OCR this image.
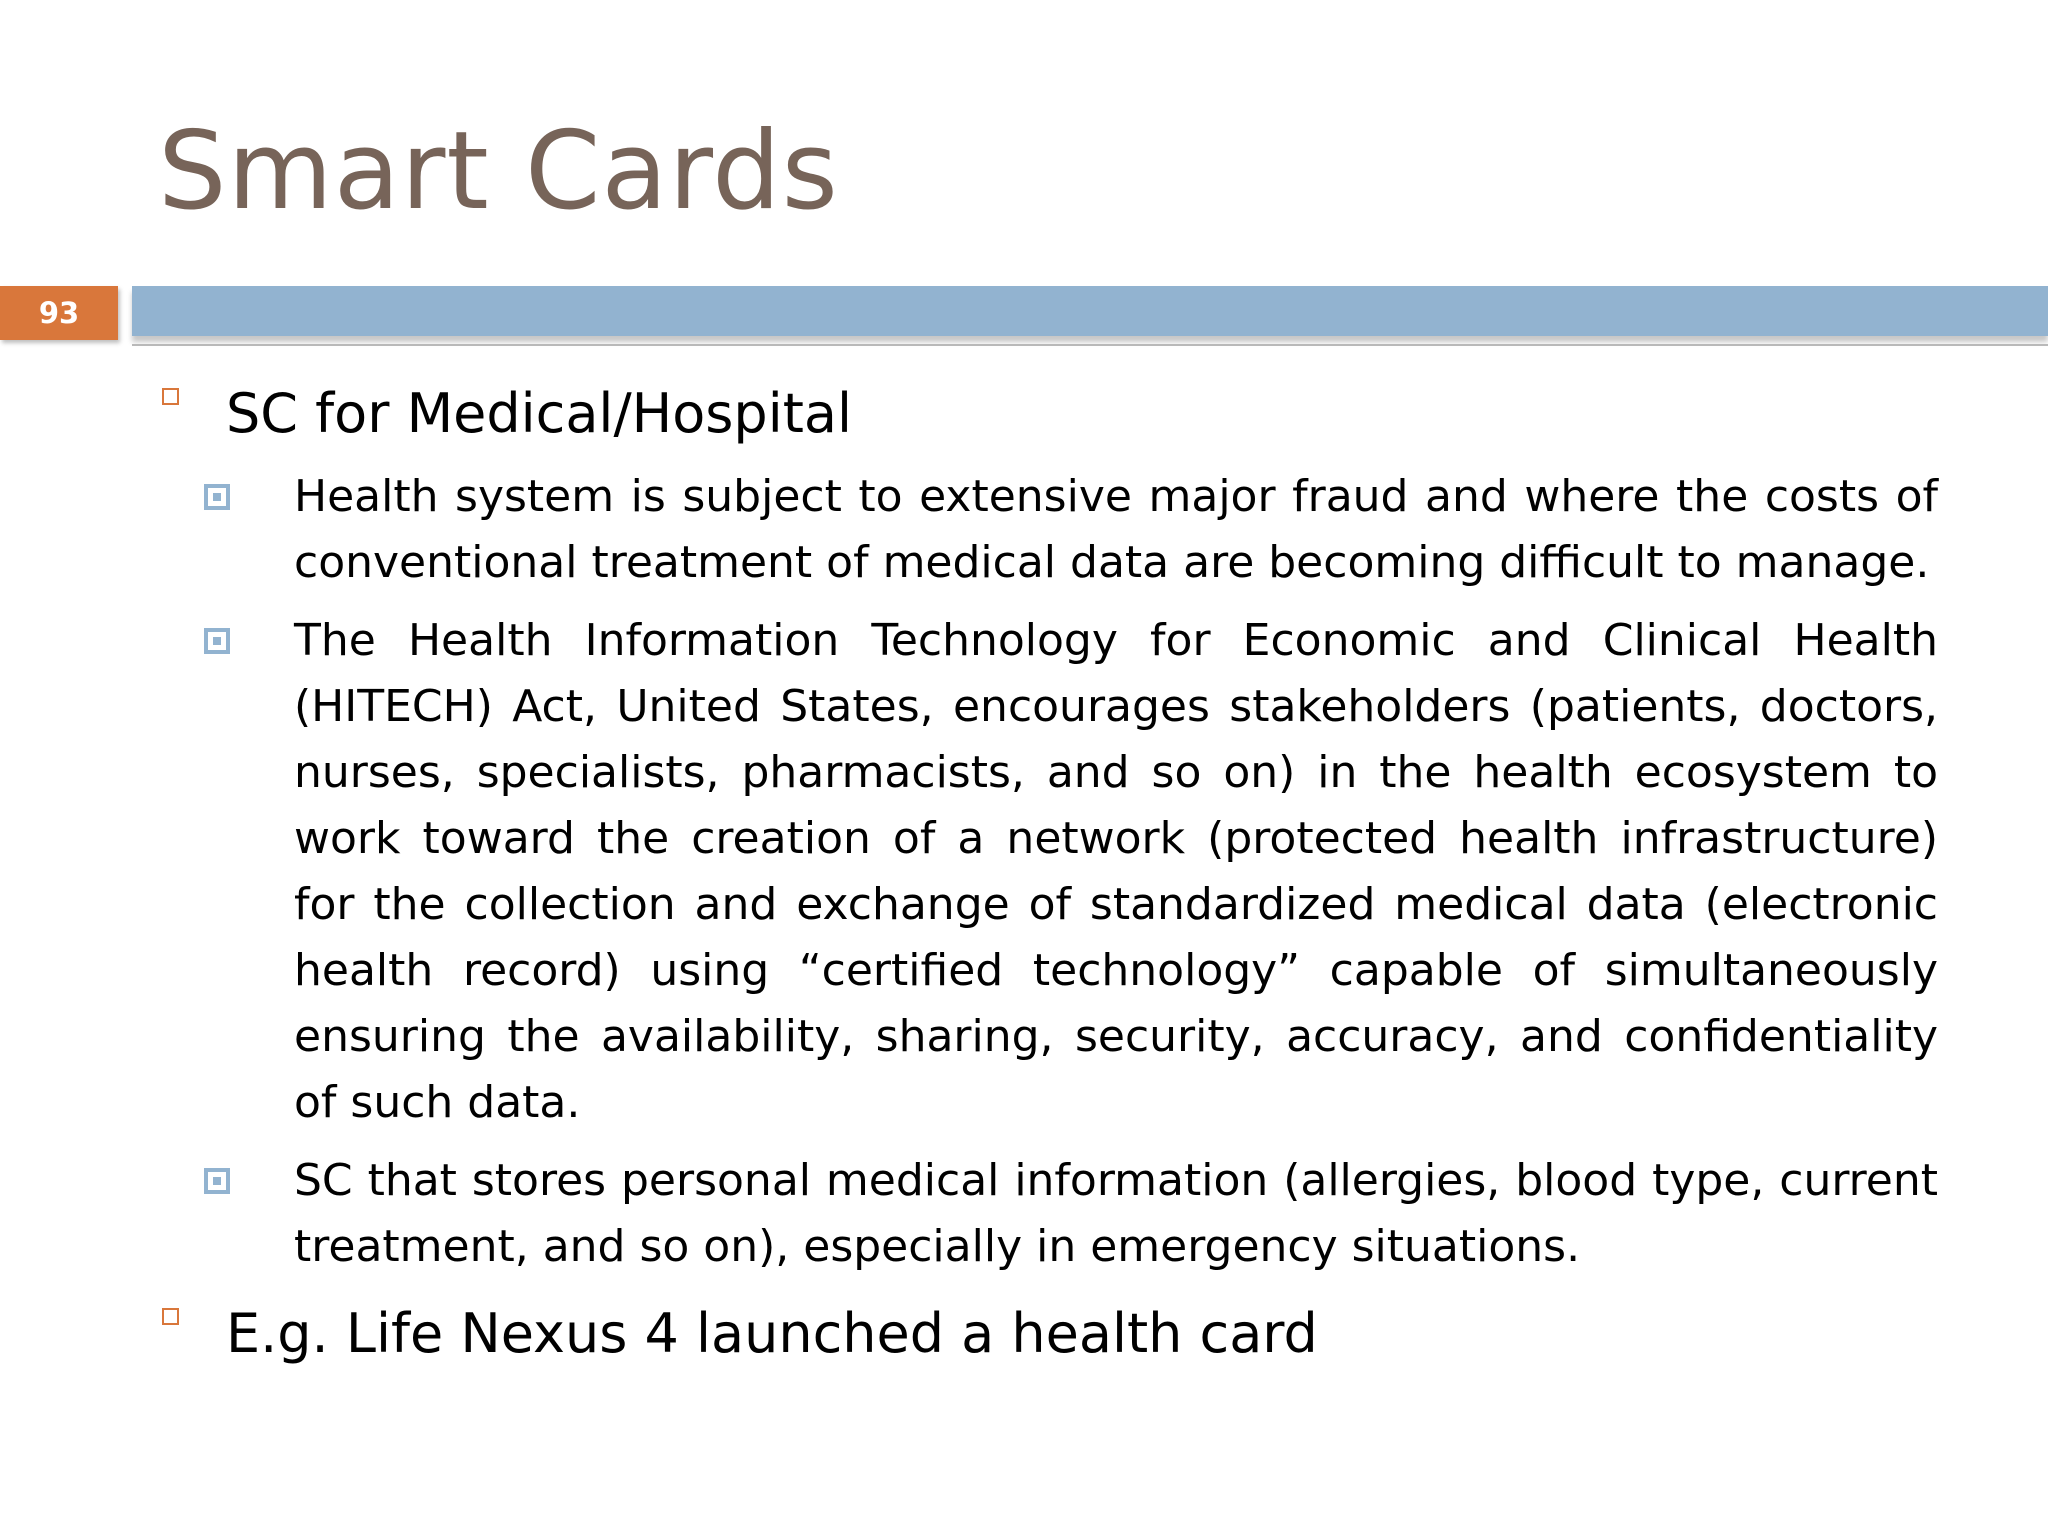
Smart Cards
93
SC for Medical/Hospital
Health system is subject to extensive major fraud and where the costs of conventional treatment of medical data are becoming difficult to manage.
The Health Information Technology for Economic and Clinical Health (HITECH) Act, United States, encourages stakeholders (patients, doctors, nurses, specialists, pharmacists, and so on) in the health ecosystem to work toward the creation of a network (protected health infrastructure) for the collection and exchange of standardized medical data (electronic health record) using “certified technology” capable of simultaneously ensuring the availability, sharing, security, accuracy, and confidentiality of such data.
SC that stores personal medical information (allergies, blood type, current treatment, and so on), especially in emergency situations.
E.g. Life Nexus 4 launched a health card
